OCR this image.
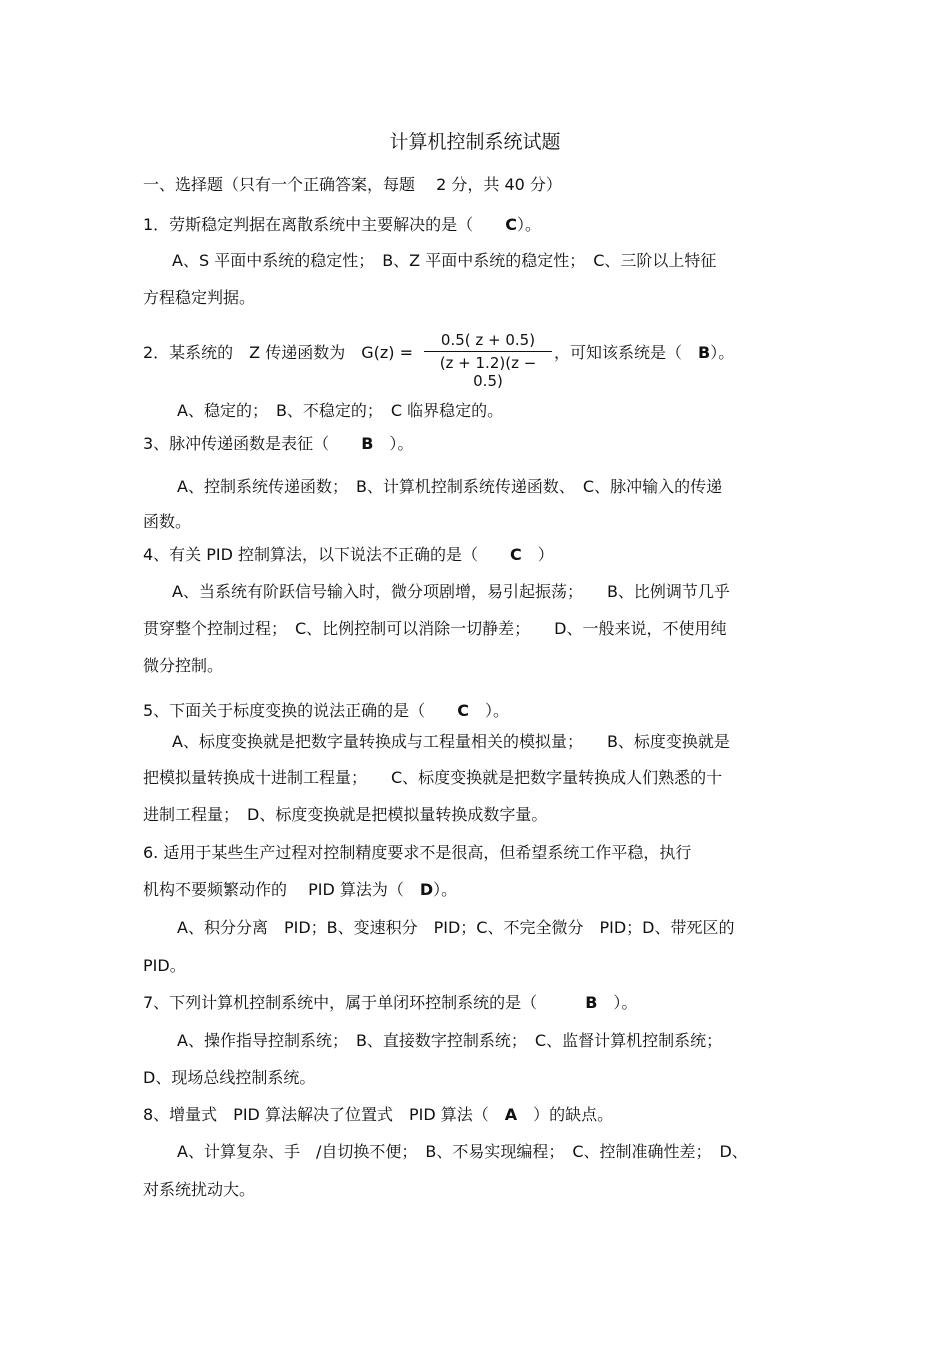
计算机控制系统试题
一、选择题（只有一个正确答案，每题　 2 分，共 40 分）
1．劳斯稳定判据在离散系统中主要解决的是（　　C）。
A、S 平面中系统的稳定性；　B、Z 平面中系统的稳定性；　C、三阶以上特征
方程稳定判据。
2．某系统的　Z 传递函数为　G(z) =
0.5( z + 0.5)
(z + 1.2)(z − 0.5)
，可知该系统是（　B）。
A、稳定的；　B、不稳定的；　C 临界稳定的。
3、脉冲传递函数是表征（　　B　）。
A、控制系统传递函数；　B、计算机控制系统传递函数、　C、脉冲输入的传递
函数。
4、有关 PID 控制算法，以下说法不正确的是（　　C　）
A、当系统有阶跃信号输入时，微分项剧增，易引起振荡；　　B、比例调节几乎
贯穿整个控制过程；　C、比例控制可以消除一切静差；　　D、一般来说，不使用纯
微分控制。
5、下面关于标度变换的说法正确的是（　　C　）。
A、标度变换就是把数字量转换成与工程量相关的模拟量；　　B、标度变换就是
把模拟量转换成十进制工程量；　　C、标度变换就是把数字量转换成人们熟悉的十
进制工程量；　D、标度变换就是把模拟量转换成数字量。
6. 适用于某些生产过程对控制精度要求不是很高，但希望系统工作平稳，执行
机构不要频繁动作的　 PID 算法为（　D）。
A、积分分离　PID；B、变速积分　PID；C、不完全微分　PID；D、带死区的
PID。
7、下列计算机控制系统中，属于单闭环控制系统的是（　　　B　）。
A、操作指导控制系统；　B、直接数字控制系统；　C、监督计算机控制系统；
D、现场总线控制系统。
8、增量式　PID 算法解决了位置式　PID 算法（　A　）的缺点。
A、计算复杂、手　/自切换不便；　B、不易实现编程；　C、控制准确性差；　D、
对系统扰动大。
